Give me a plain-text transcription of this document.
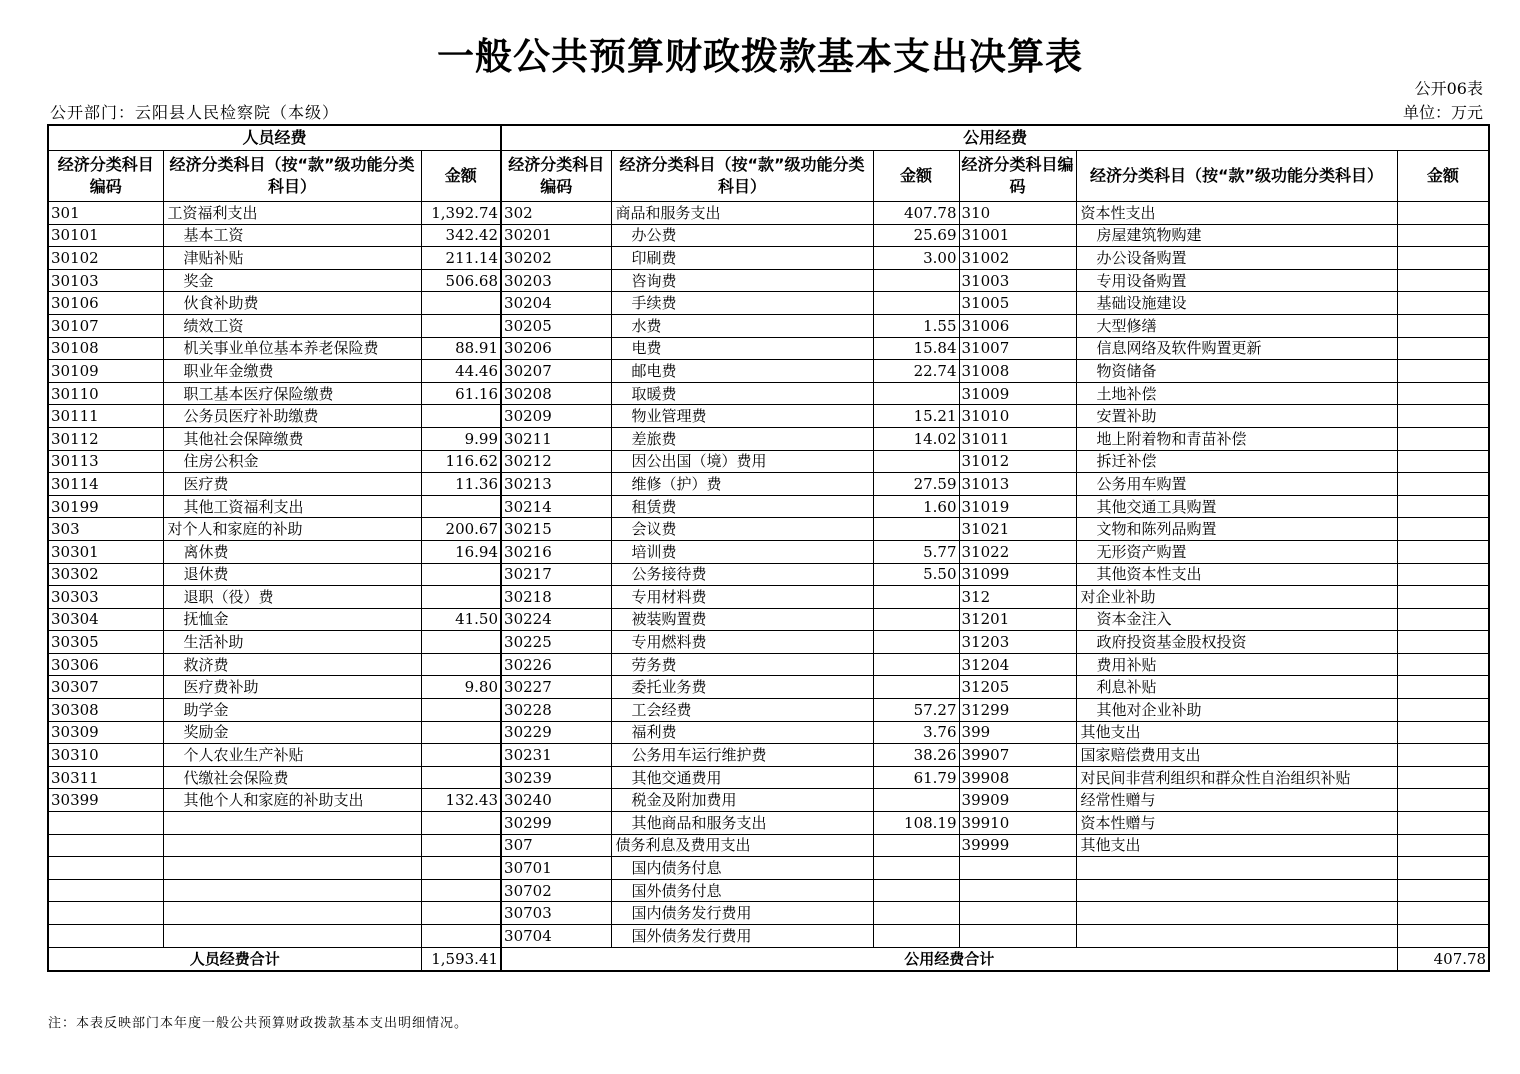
一般公共预算财政拨款基本支出决算表
公开06表
公开部门：云阳县人民检察院（本级）	单位：万元
人员经费			公用经费					
经济分类科目编码	经济分类科目（按“款”级功能分类科目）	金额	经济分类科目编码	经济分类科目（按“款”级功能分类科目）	金额	经济分类科目编码	经济分类科目（按“款”级功能分类科目）	金额
301	工资福利支出	1,392.74	302	商品和服务支出	407.78	310	资本性支出	
30101	基本工资	342.42	30201	办公费	25.69	31001	房屋建筑物购建	
30102	津贴补贴	211.14	30202	印刷费	3.00	31002	办公设备购置	
30103	奖金	506.68	30203	咨询费		31003	专用设备购置	
30106	伙食补助费		30204	手续费		31005	基础设施建设	
30107	绩效工资		30205	水费	1.55	31006	大型修缮	
30108	机关事业单位基本养老保险费	88.91	30206	电费	15.84	31007	信息网络及软件购置更新	
30109	职业年金缴费	44.46	30207	邮电费	22.74	31008	物资储备	
30110	职工基本医疗保险缴费	61.16	30208	取暖费		31009	土地补偿	
30111	公务员医疗补助缴费		30209	物业管理费	15.21	31010	安置补助	
30112	其他社会保障缴费	9.99	30211	差旅费	14.02	31011	地上附着物和青苗补偿	
30113	住房公积金	116.62	30212	因公出国（境）费用		31012	拆迁补偿	
30114	医疗费	11.36	30213	维修（护）费	27.59	31013	公务用车购置	
30199	其他工资福利支出		30214	租赁费	1.60	31019	其他交通工具购置	
303	对个人和家庭的补助	200.67	30215	会议费		31021	文物和陈列品购置	
30301	离休费	16.94	30216	培训费	5.77	31022	无形资产购置	
30302	退休费		30217	公务接待费	5.50	31099	其他资本性支出	
30303	退职（役）费		30218	专用材料费		312	对企业补助	
30304	抚恤金	41.50	30224	被装购置费		31201	资本金注入	
30305	生活补助		30225	专用燃料费		31203	政府投资基金股权投资	
30306	救济费		30226	劳务费		31204	费用补贴	
30307	医疗费补助	9.80	30227	委托业务费		31205	利息补贴	
30308	助学金		30228	工会经费	57.27	31299	其他对企业补助	
30309	奖励金		30229	福利费	3.76	399	其他支出	
30310	个人农业生产补贴		30231	公务用车运行维护费	38.26	39907	国家赔偿费用支出	
30311	代缴社会保险费		30239	其他交通费用	61.79	39908	对民间非营利组织和群众性自治组织补贴	
30399	其他个人和家庭的补助支出	132.43	30240	税金及附加费用		39909	经常性赠与	
			30299	其他商品和服务支出	108.19	39910	资本性赠与	
			307	债务利息及费用支出		39999	其他支出	
			30701	国内债务付息				
			30702	国外债务付息				
			30703	国内债务发行费用				
			30704	国外债务发行费用				
人员经费合计		1,593.41	公用经费合计					407.78
注：本表反映部门本年度一般公共预算财政拨款基本支出明细情况。
